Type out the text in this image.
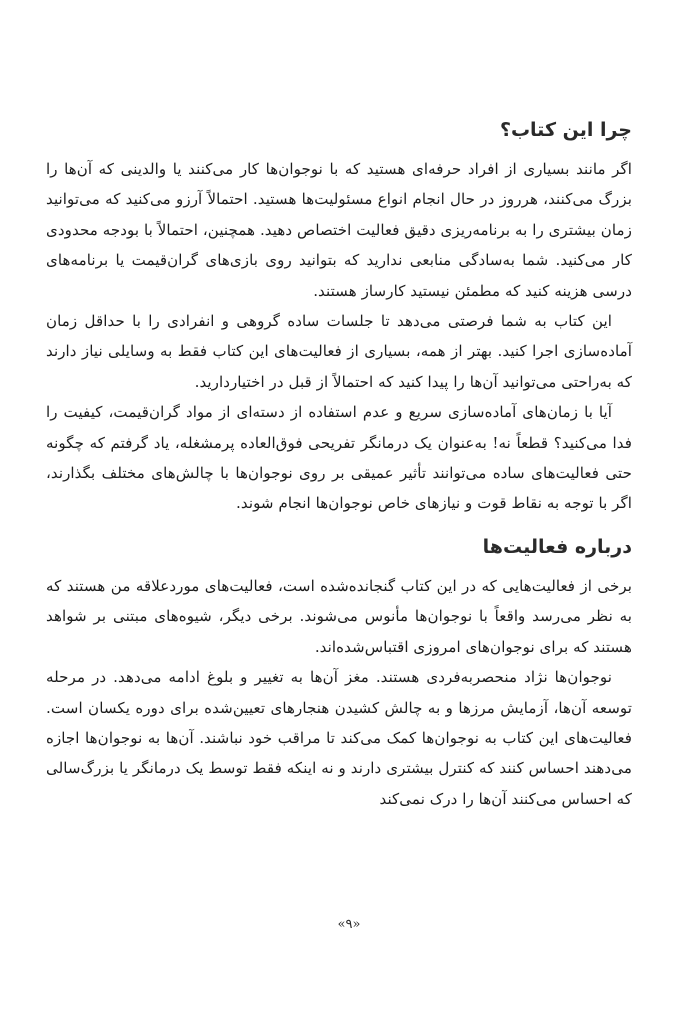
چرا این کتاب؟

اگر مانند بسیاری از افراد حرفه‌ای هستید که با نوجوان‌ها کار می‌کنند یا والدینی که آن‌ها را بزرگ می‌کنند، هرروز در حال انجام انواع مسئولیت‌ها هستید. احتمالاً آرزو می‌کنید که می‌توانید زمان بیشتری را به برنامه‌ریزی دقیق فعالیت اختصاص دهید. همچنین، احتمالاً با بودجه محدودی کار می‌کنید. شما به‌سادگی منابعی ندارید که بتوانید روی بازی‌های گران‌قیمت یا برنامه‌های درسی هزینه کنید که مطمئن نیستید کارساز هستند.

این کتاب به شما فرصتی می‌دهد تا جلسات ساده گروهی و انفرادی را با حداقل زمان آماده‌سازی اجرا کنید. بهتر از همه، بسیاری از فعالیت‌های این کتاب فقط به وسایلی نیاز دارند که به‌راحتی می‌توانید آن‌ها را پیدا کنید که احتمالاً از قبل در اختیاردارید.

آیا با زمان‌های آماده‌سازی سریع و عدم استفاده از دسته‌ای از مواد گران‌قیمت، کیفیت را فدا می‌کنید؟ قطعاً نه! به‌عنوان یک درمانگر تفریحی فوق‌العاده پرمشغله، یاد گرفتم که چگونه حتی فعالیت‌های ساده می‌توانند تأثیر عمیقی بر روی نوجوان‌ها با چالش‌های مختلف بگذارند، اگر با توجه به نقاط قوت و نیازهای خاص نوجوان‌ها انجام شوند.

درباره فعالیت‌ها

برخی از فعالیت‌هایی که در این کتاب گنجانده‌شده است، فعالیت‌های موردعلاقه من هستند که به نظر می‌رسد واقعاً با نوجوان‌ها مأنوس می‌شوند. برخی دیگر، شیوه‌های مبتنی بر شواهد هستند که برای نوجوان‌های امروزی اقتباس‌شده‌اند.

نوجوان‌ها نژاد منحصربه‌فردی هستند. مغز آن‌ها به تغییر و بلوغ ادامه می‌دهد. در مرحله توسعه آن‌ها، آزمایش مرزها و به چالش کشیدن هنجارهای تعیین‌شده برای دوره یکسان است. فعالیت‌های این کتاب به نوجوان‌ها کمک می‌کند تا مراقب خود نباشند. آن‌ها به نوجوان‌ها اجازه می‌دهند احساس کنند که کنترل بیشتری دارند و نه اینکه فقط توسط یک درمانگر یا بزرگ‌سالی که احساس می‌کنند آن‌ها را درک نمی‌کند

«۹»
